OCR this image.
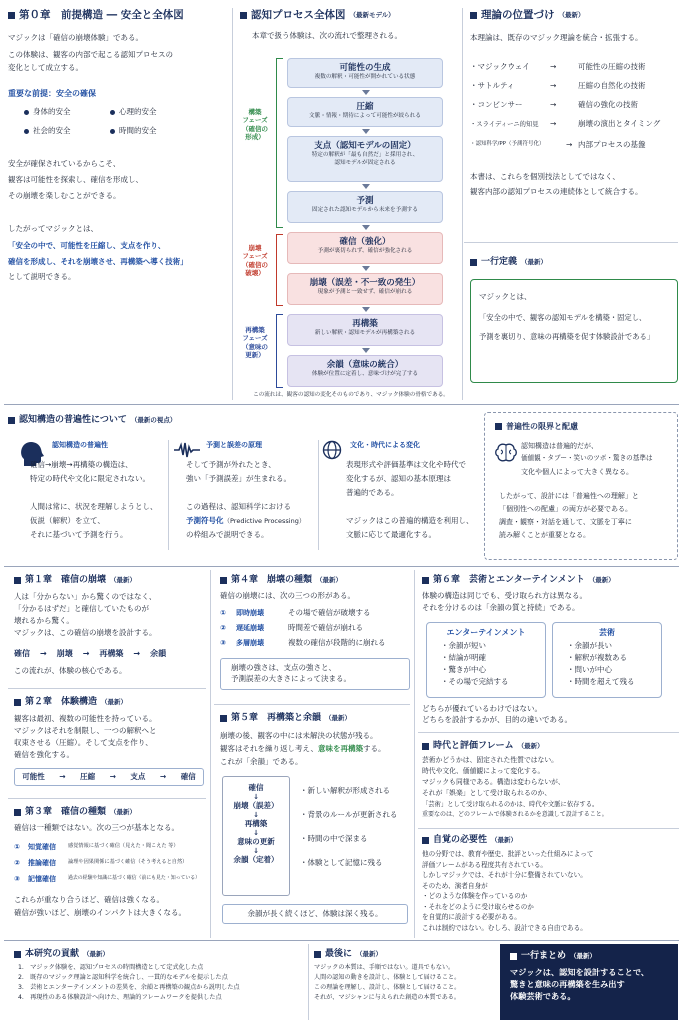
第０章　前提構造 ― 安全と全体図
マジックは「確信の崩壊体験」である。
この体験は、観客の内部で起こる認知プロセスの
変化として成立する。
重要な前提：安全の確保
身体的安全	心理的安全
社会的安全	時間的安全
安全が確保されているからこそ、
観客は可能性を探索し、確信を形成し、
その崩壊を楽しむことができる。
したがってマジックとは、
「安全の中で、可能性を圧縮し、支点を作り、
確信を形成し、それを崩壊させ、再構築へ導く技術」
として説明できる。
認知プロセス全体図 （最新モデル）
本章で扱う体験は、次の流れで整理される。
構築
フェーズ
（確信の
形成）
崩壊
フェーズ
（確信の
破壊）
再構築
フェーズ
（意味の
更新）
可能性の生成
複数の解釈・可能性が開かれている状態
圧縮
文脈・情報・期待によって可能性が絞られる
支点（認知モデルの固定）
特定の解釈が「最も自然だ」と採用され、
認知モデルが固定される
予測
固定された認知モデルから未来を予測する
確信（強化）
予測が裏切られず、確信が強化される
崩壊（誤差・不一致の発生）
現象が予測と一致せず、確信が崩れる
再構築
新しい解釈・認知モデルが再構築される
余韻（意味の統合）
体験が位置に定着し、意味づけが完了する
この流れは、観客の認知の変化そのものであり、マジック体験の骨格である。
理論の位置づけ （最新）
本理論は、既存のマジック理論を統合・拡張する。
・マジックウェイ	→	可能性の圧縮の技術
・サトルティ	→	圧縮の自然化の技術
・コンビンサー	→	確信の強化の技術
・スライディーニ的知見	→	崩壊の演出とタイミング
・認知科学/PP（予測符号化）	→ 内部プロセスの基盤
本書は、これらを個別技法としてではなく、
観客内部の認知プロセスの連続体として統合する。
一行定義 （最新）
マジックとは、
「安全の中で、観客の認知モデルを構築・固定し、
予測を裏切り、意味の再構築を促す体験設計である」
認知構造の普遍性について （最新の視点）
認知構造の普遍性
確信→崩壊→再構築の構造は、
特定の時代や文化に限定されない。
人間は常に、状況を理解しようとし、
仮説（解釈）を立て、
それに基づいて予測を行う。
予測と誤差の原理
そして予測が外れたとき、
強い「予測誤差」が生まれる。
この過程は、認知科学における
予測符号化（Predictive Processing）
の枠組みで説明できる。
文化・時代による変化
表現形式や評価基準は文化や時代で
変化するが、認知の基本原理は
普遍的である。
マジックはこの普遍的構造を利用し、
文脈に応じて最適化する。
普遍性の限界と配慮
認知構造は普遍的だが、
価値観・タブー・笑いのツボ・驚きの基準は
文化や個人によって大きく異なる。
したがって、設計には「普遍性への理解」と
「個別性への配慮」の両方が必要である。
調査・観察・対話を通して、文脈を丁寧に
読み解くことが重要となる。
第１章　確信の崩壊 （最新）
人は「分からない」から驚くのではなく、
「分かるはずだ」と確信していたものが
壊れるから驚く。
マジックは、この確信の崩壊を設計する。
確信 → 崩壊 → 再構築 → 余韻
この流れが、体験の核心である。
第２章　体験構造 （最新）
観客は最初、複数の可能性を持っている。
マジックはそれを制限し、一つの解釈へと
収束させる（圧縮）。そして支点を作り、
確信を強化する。
可能性 → 圧縮 → 支点 → 確信
第３章　確信の種類 （最新）
確信は一種類ではない。次の三つが基本となる。
①	知覚確信	感覚情報に基づく確信（見えた・聞こえた 等）
②	推論確信	論理や因果関係に基づく確信（そう考えると自然）
③	記憶確信	過去の経験や知識に基づく確信（前にも見た・知っている）
これらが重なり合うほど、確信は強くなる。
確信が強いほど、崩壊のインパクトは大きくなる。
第４章　崩壊の種類 （最新）
確信の崩壊には、次の三つの形がある。
①	即時崩壊	その場で確信が破壊する
②	遅延崩壊	時間差で確信が崩れる
③	多層崩壊	複数の確信が段階的に崩れる
崩壊の強さは、支点の強さと、
予測誤差の大きさによって決まる。
第５章　再構築と余韻 （最新）
崩壊の後、観客の中には未解決の状態が残る。
観客はそれを繰り返し考え、意味を再構築する。
これが「余韻」である。
確信
↓
崩壊（誤差）
↓
再構築
↓
意味の更新
↓
余韻（定着）
・新しい解釈が形成される
・背景のルールが更新される
・時間の中で深まる
・体験として記憶に残る
余韻が長く続くほど、体験は深く残る。
第６章　芸術とエンターテインメント （最新）
体験の構造は同じでも、受け取られ方は異なる。
それを分けるのは「余韻の質と持続」である。
エンターテインメント
・余韻が短い
・結論が明確
・驚きが中心
・その場で完結する
芸術
・余韻が長い
・解釈が複数ある
・問いが中心
・時間を超えて残る
どちらが優れているわけではない。
どちらを設計するかが、目的の違いである。
時代と評価フレーム （最新）
芸術かどうかは、固定された性質ではない。
時代や文化、価値観によって変化する。
マジックも同様である。構造は変わらないが、
それが「娯楽」として受け取られるのか、
「芸術」として受け取られるのかは、時代や文脈に依存する。
重要なのは、どのフレームで体験されるかを意識して設計すること。
自覚の必要性 （最新）
他の分野では、教育や歴史、批評といった仕組みによって
評価フレームがある程度共有されている。
しかしマジックでは、それが十分に整備されていない。
そのため、演者自身が
・どのような体験を作っているのか
・それをどのように受け取らせるのか
を自覚的に設計する必要がある。
これは制約ではない。むしろ、設計できる自由である。
本研究の貢献 （最新）
1.　マジック体験を、認知プロセスの時間構造として定式化した点
2.　既存のマジック理論と認知科学を統合し、一貫的なモデルを提示した点
3.　芸術とエンターテインメントの差異を、余韻と再構築の観点から説明した点
4.　再現性のある体験設計へ向けた、理論的フレームワークを提供した点
最後に （最新）
マジックの本質は、手順ではない。道具でもない。
人間の認知の動きを設計し、体験として届けること。
この理論を理解し、設計し、体験として届けること。
それが、マジシャンに与えられた創造の本質である。
一行まとめ （最新）
マジックは、認知を設計することで、
驚きと意味の再構築を生み出す
体験芸術である。
